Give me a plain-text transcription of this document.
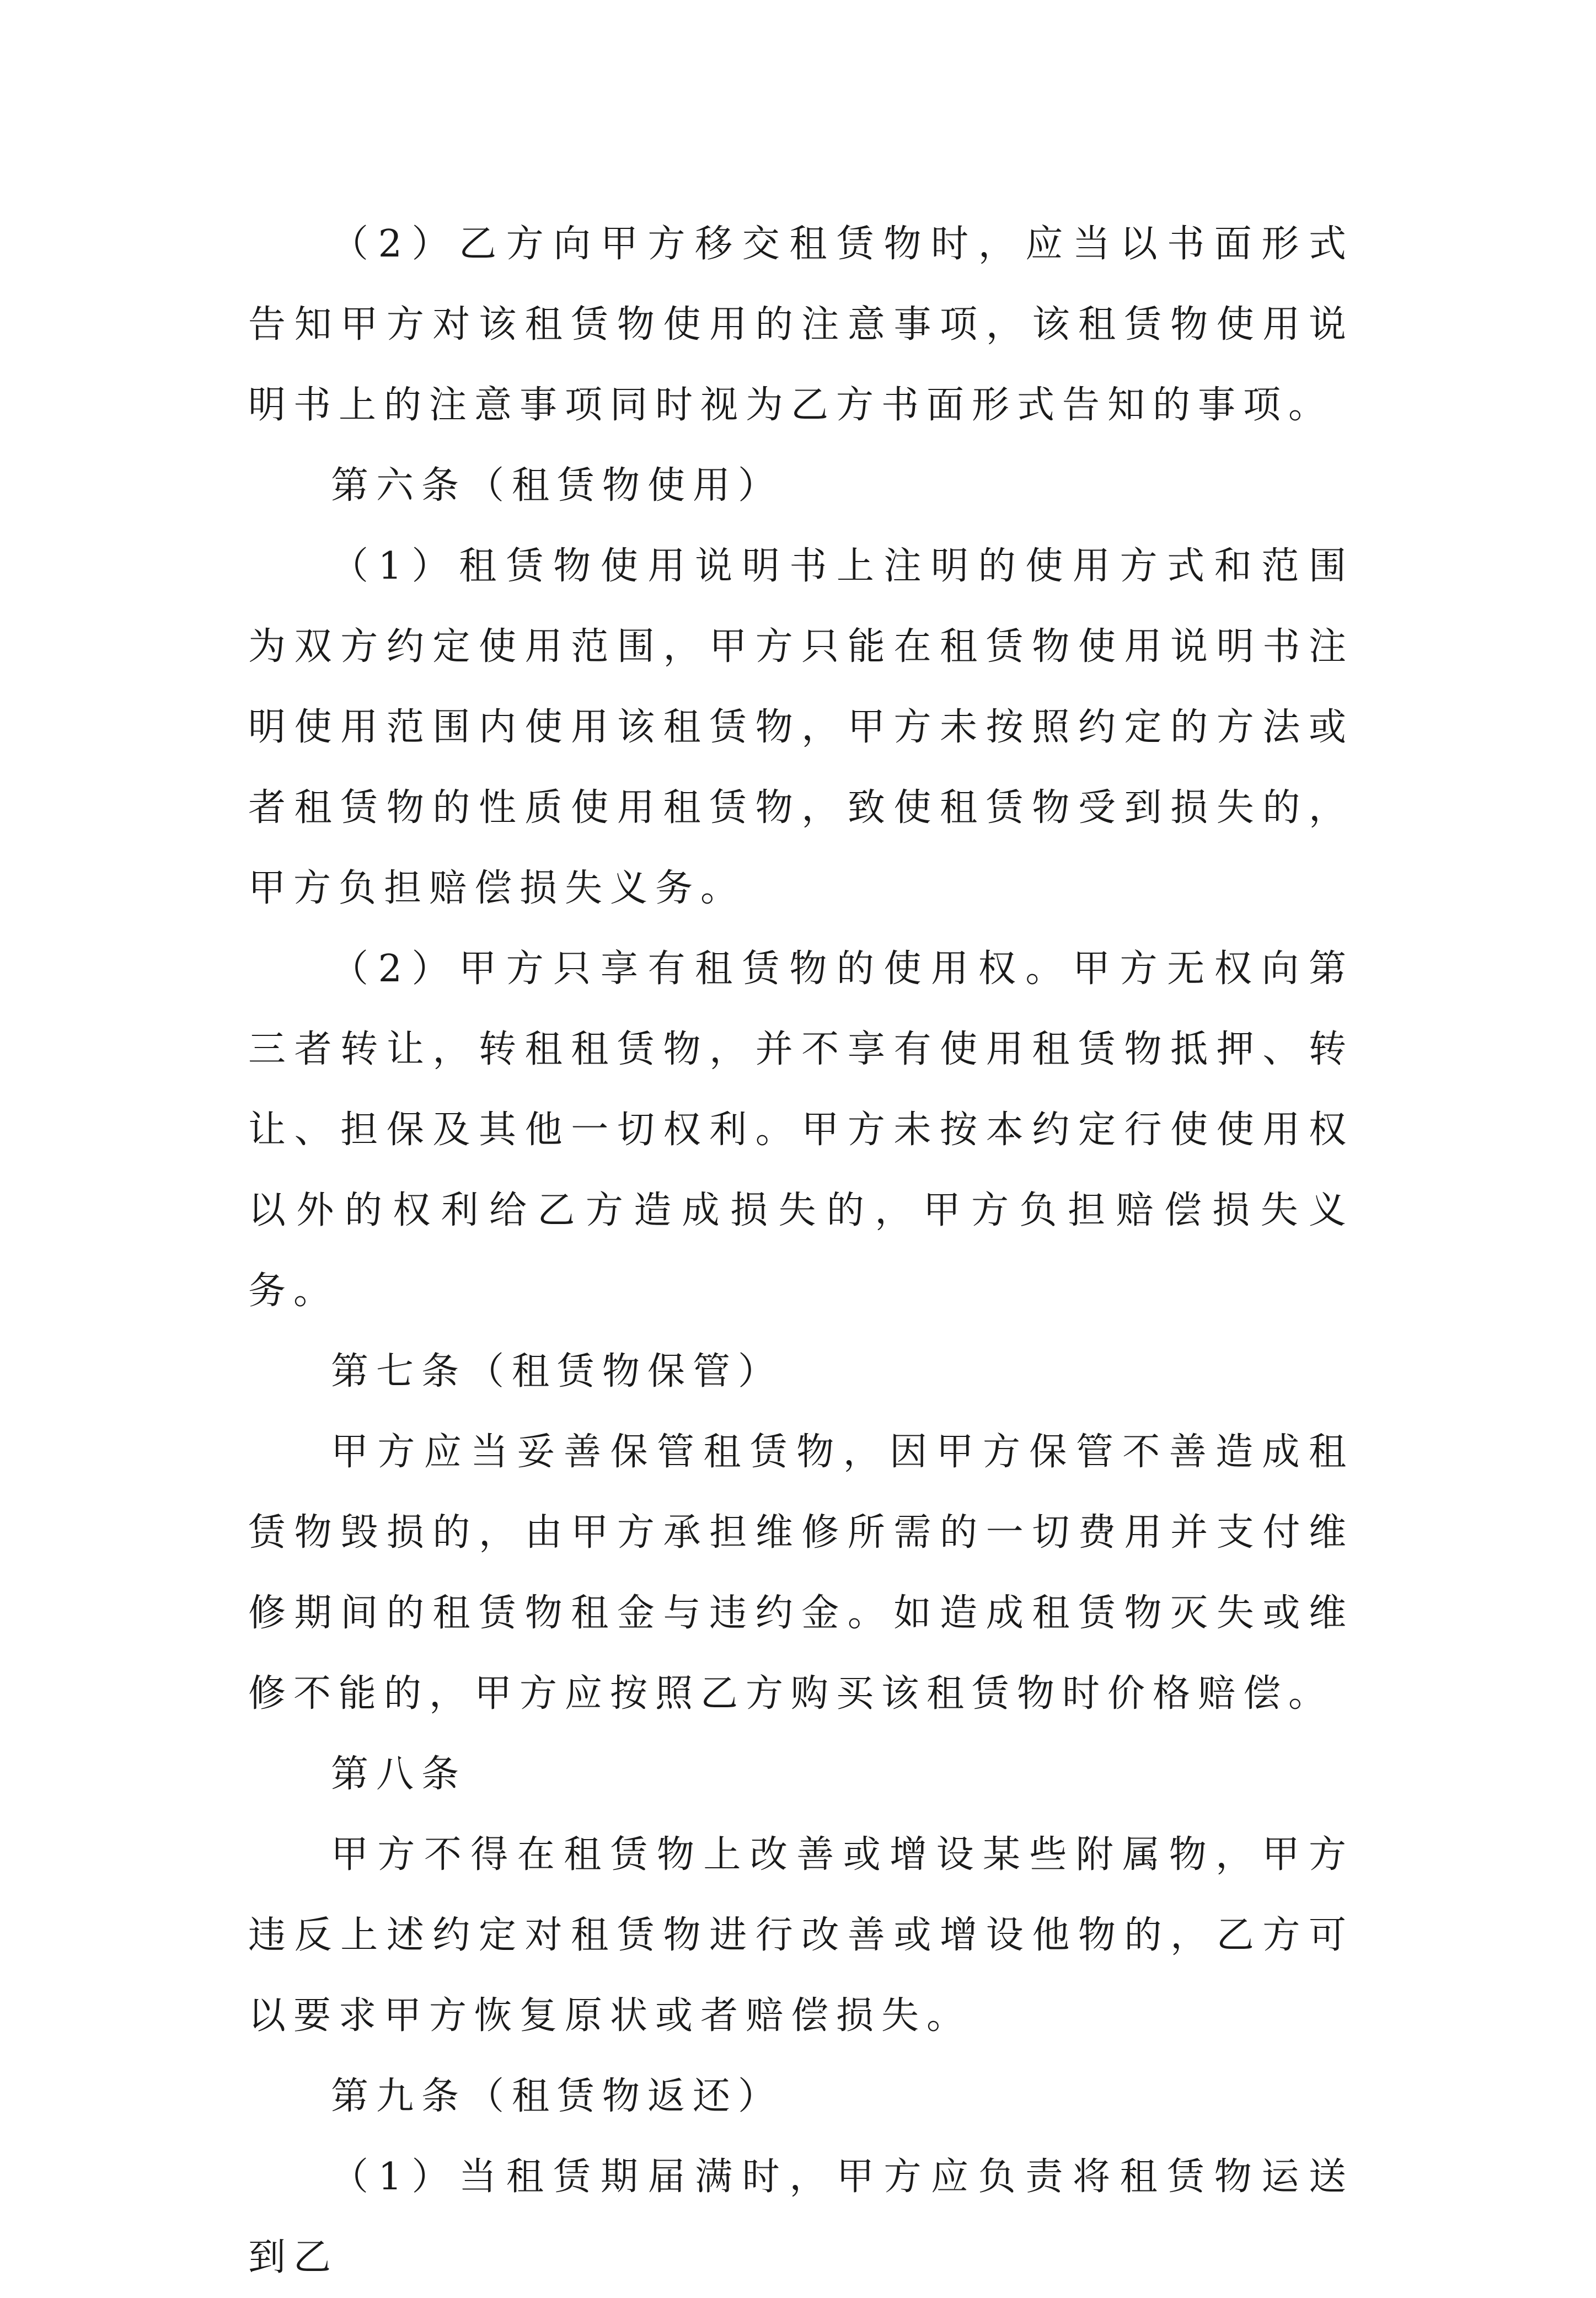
（2）乙方向甲方移交租赁物时，应当以书面形式告知甲方对该租赁物使用的注意事项，该租赁物使用说明书上的注意事项同时视为乙方书面形式告知的事项。

第六条（租赁物使用）

（1）租赁物使用说明书上注明的使用方式和范围为双方约定使用范围，甲方只能在租赁物使用说明书注明使用范围内使用该租赁物，甲方未按照约定的方法或者租赁物的性质使用租赁物，致使租赁物受到损失的，甲方负担赔偿损失义务。

（2）甲方只享有租赁物的使用权。甲方无权向第三者转让，转租租赁物，并不享有使用租赁物抵押、转让、担保及其他一切权利。甲方未按本约定行使使用权以外的权利给乙方造成损失的，甲方负担赔偿损失义务。

第七条（租赁物保管）

甲方应当妥善保管租赁物，因甲方保管不善造成租赁物毁损的，由甲方承担维修所需的一切费用并支付维修期间的租赁物租金与违约金。如造成租赁物灭失或维修不能的，甲方应按照乙方购买该租赁物时价格赔偿。

第八条

甲方不得在租赁物上改善或增设某些附属物，甲方违反上述约定对租赁物进行改善或增设他物的，乙方可以要求甲方恢复原状或者赔偿损失。

第九条（租赁物返还）

（1）当租赁期届满时，甲方应负责将租赁物运送到乙
